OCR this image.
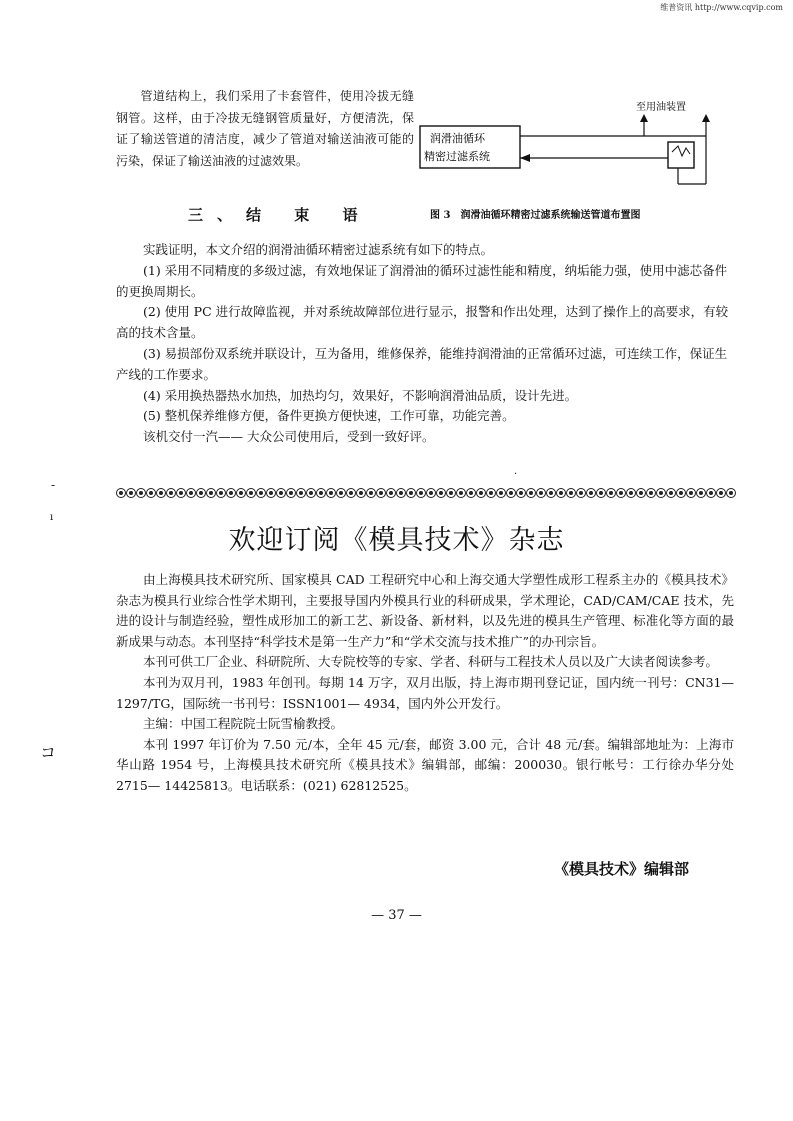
维普资讯 http://www.cqvip.com
管道结构上，我们采用了卡套管件，使用冷拔无缝钢管。这样，由于冷拔无缝钢管质量好，方便清洗，保证了输送管道的清洁度，减少了管道对输送油液可能的污染，保证了输送油液的过滤效果。
三、结 束 语
润滑油循环
精密过滤系统
至用油装置
图 3　润滑油循环精密过滤系统输送管道布置图

实践证明，本文介绍的润滑油循环精密过滤系统有如下的特点。

(1) 采用不同精度的多级过滤，有效地保证了润滑油的循环过滤性能和精度，纳垢能力强，使用中滤芯备件的更换周期长。

(2) 使用 PC 进行故障监视，并对系统故障部位进行显示，报警和作出处理，达到了操作上的高要求，有较高的技术含量。

(3) 易损部份双系统并联设计，互为备用，维修保养，能维持润滑油的正常循环过滤，可连续工作，保证生产线的工作要求。

(4) 采用换热器热水加热，加热均匀，效果好，不影响润滑油品质，设计先进。

(5) 整机保养维修方便，备件更换方便快速，工作可靠，功能完善。

该机交付一汽—— 大众公司使用后，受到一致好评。

.
-
ı
コ
欢迎订阅《模具技术》杂志

由上海模具技术研究所、国家模具 CAD 工程研究中心和上海交通大学塑性成形工程系主办的《模具技术》杂志为模具行业综合性学术期刊，主要报导国内外模具行业的科研成果，学术理论，CAD/CAM/CAE 技术，先进的设计与制造经验，塑性成形加工的新工艺、新设备、新材料，以及先进的模具生产管理、标准化等方面的最新成果与动态。本刊坚持“科学技术是第一生产力”和“学术交流与技术推广”的办刊宗旨。

本刊可供工厂企业、科研院所、大专院校等的专家、学者、科研与工程技术人员以及广大读者阅读参考。

本刊为双月刊，1983 年创刊。每期 14 万字，双月出版，持上海市期刊登记证，国内统一刊号：CN31— 1297/TG，国际统一书刊号：ISSN1001— 4934，国内外公开发行。

主编：中国工程院院士阮雪榆教授。

本刊 1997 年订价为 7.50 元/本，全年 45 元/套，邮资 3.00 元，合计 48 元/套。编辑部地址为：上海市华山路 1954 号，上海模具技术研究所《模具技术》编辑部，邮编：200030。银行帐号：工行徐办华分处 2715— 14425813。电话联系：(021) 62812525。

《模具技术》编辑部
— 37 —
